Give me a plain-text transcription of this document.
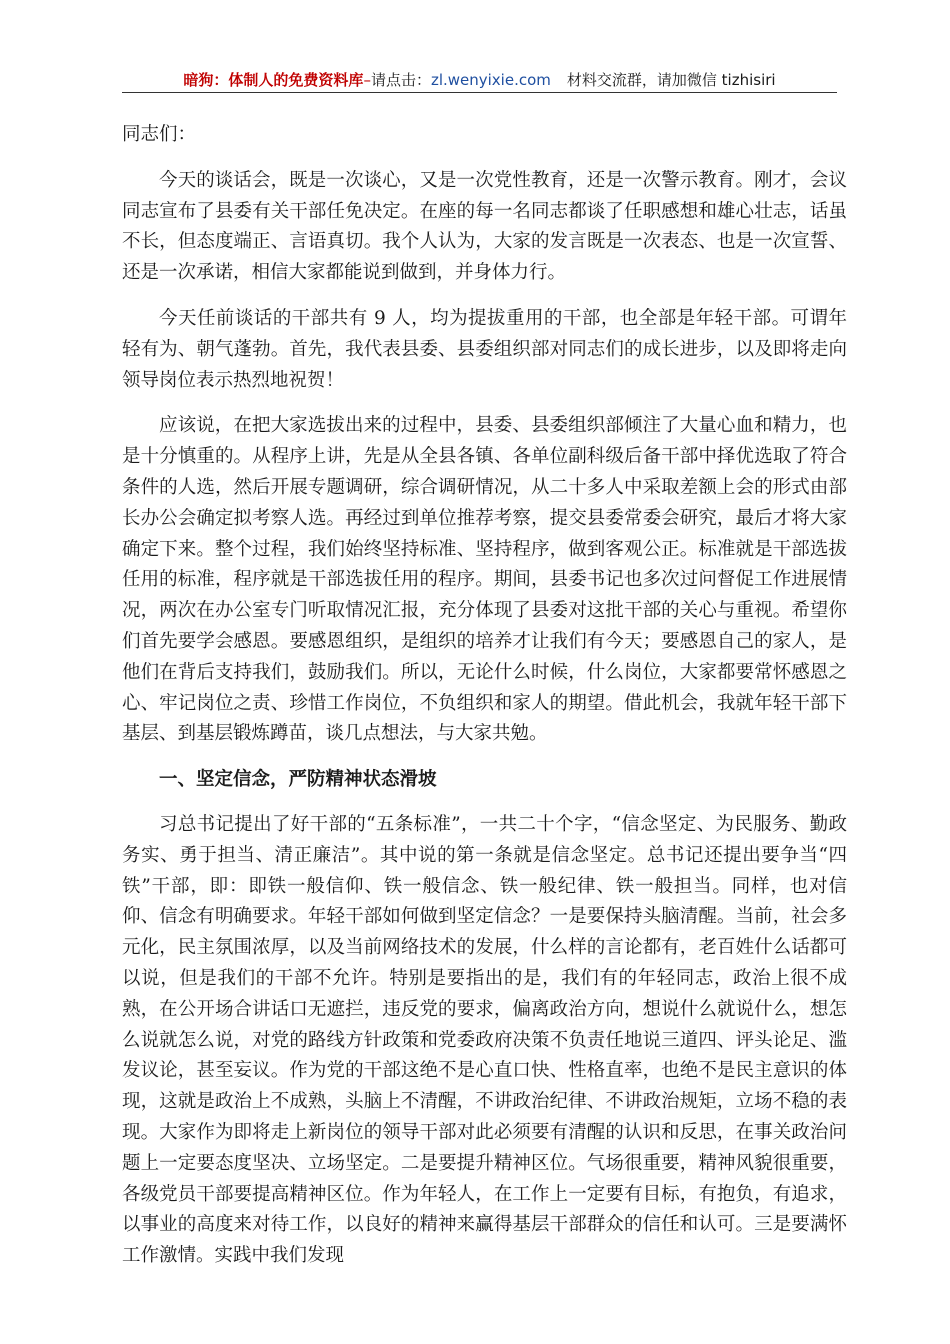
暗狗：体制人的免费资料库–请点击：zl.wenyixie.com 材料交流群，请加微信 tizhisiri

同志们：

今天的谈话会，既是一次谈心，又是一次党性教育，还是一次警示教育。刚才，会议同志宣布了县委有关干部任免决定。在座的每一名同志都谈了任职感想和雄心壮志，话虽不长，但态度端正、言语真切。我个人认为，大家的发言既是一次表态、也是一次宣誓、还是一次承诺，相信大家都能说到做到，并身体力行。

今天任前谈话的干部共有 9 人，均为提拔重用的干部，也全部是年轻干部。可谓年轻有为、朝气蓬勃。首先，我代表县委、县委组织部对同志们的成长进步，以及即将走向领导岗位表示热烈地祝贺！

应该说，在把大家选拔出来的过程中，县委、县委组织部倾注了大量心血和精力，也是十分慎重的。从程序上讲，先是从全县各镇、各单位副科级后备干部中择优选取了符合条件的人选，然后开展专题调研，综合调研情况，从二十多人中采取差额上会的形式由部长办公会确定拟考察人选。再经过到单位推荐考察，提交县委常委会研究，最后才将大家确定下来。整个过程，我们始终坚持标准、坚持程序，做到客观公正。标准就是干部选拔任用的标准，程序就是干部选拔任用的程序。期间，县委书记也多次过问督促工作进展情况，两次在办公室专门听取情况汇报，充分体现了县委对这批干部的关心与重视。希望你们首先要学会感恩。要感恩组织，是组织的培养才让我们有今天；要感恩自己的家人，是他们在背后支持我们，鼓励我们。所以，无论什么时候，什么岗位，大家都要常怀感恩之心、牢记岗位之责、珍惜工作岗位，不负组织和家人的期望。借此机会，我就年轻干部下基层、到基层锻炼蹲苗，谈几点想法，与大家共勉。

一、坚定信念，严防精神状态滑坡

习总书记提出了好干部的“五条标准”，一共二十个字，“信念坚定、为民服务、勤政务实、勇于担当、清正廉洁”。其中说的第一条就是信念坚定。总书记还提出要争当“四铁”干部，即：即铁一般信仰、铁一般信念、铁一般纪律、铁一般担当。同样，也对信仰、信念有明确要求。年轻干部如何做到坚定信念？一是要保持头脑清醒。当前，社会多元化，民主氛围浓厚，以及当前网络技术的发展，什么样的言论都有，老百姓什么话都可以说，但是我们的干部不允许。特别是要指出的是，我们有的年轻同志，政治上很不成熟，在公开场合讲话口无遮拦，违反党的要求，偏离政治方向，想说什么就说什么，想怎么说就怎么说，对党的路线方针政策和党委政府决策不负责任地说三道四、评头论足、滥发议论，甚至妄议。作为党的干部这绝不是心直口快、性格直率，也绝不是民主意识的体现，这就是政治上不成熟，头脑上不清醒，不讲政治纪律、不讲政治规矩，立场不稳的表现。大家作为即将走上新岗位的领导干部对此必须要有清醒的认识和反思，在事关政治问题上一定要态度坚决、立场坚定。二是要提升精神区位。气场很重要，精神风貌很重要，各级党员干部要提高精神区位。作为年轻人，在工作上一定要有目标，有抱负，有追求，以事业的高度来对待工作，以良好的精神来赢得基层干部群众的信任和认可。三是要满怀工作激情。实践中我们发现
